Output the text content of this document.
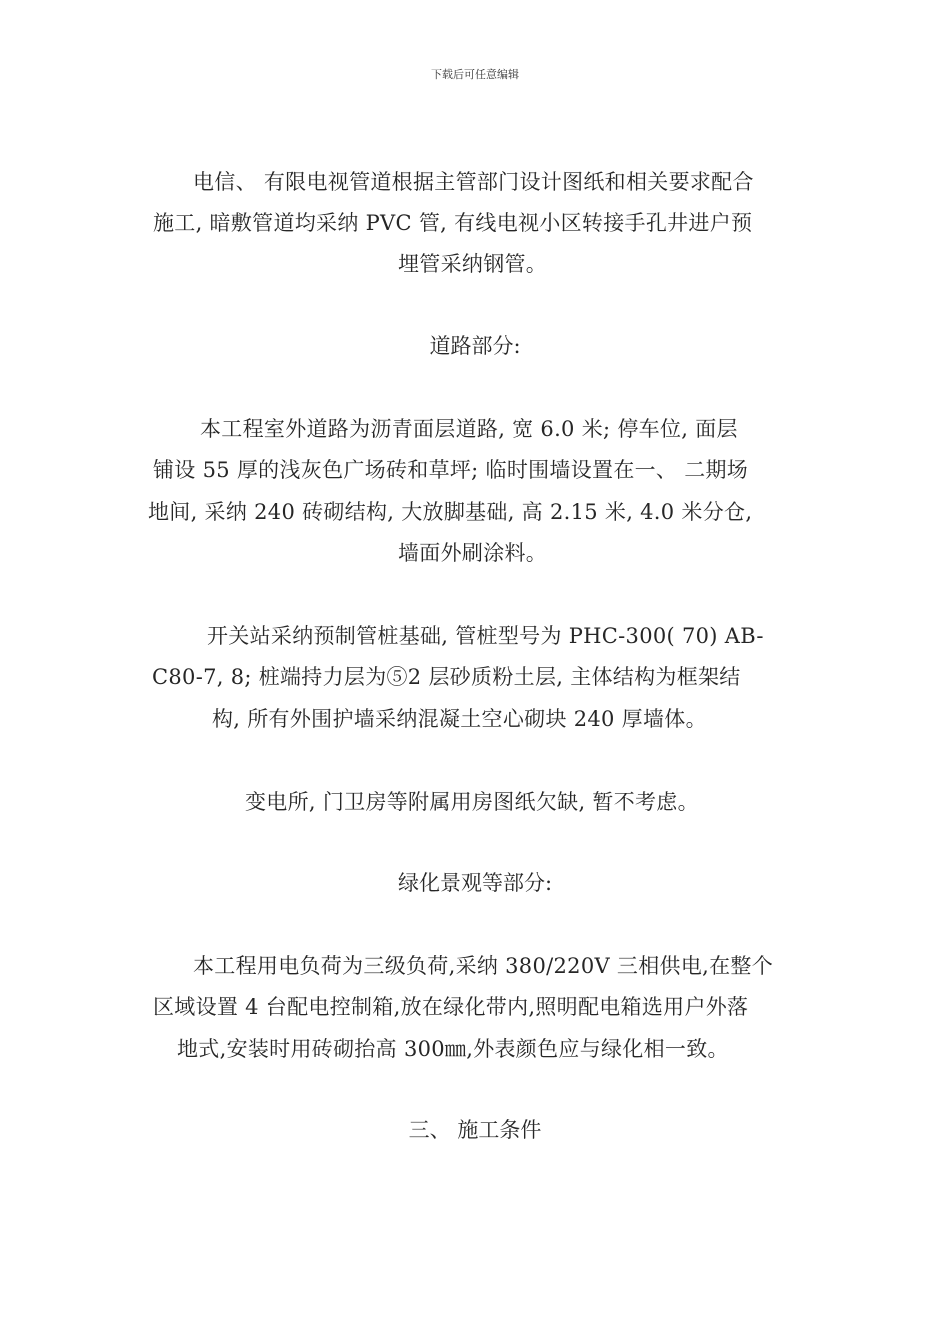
下载后可任意编辑
电信、 有限电视管道根据主管部门设计图纸和相关要求配合
施工, 暗敷管道均采纳 PVC 管, 有线电视小区转接手孔井进户预
埋管采纳钢管。
道路部分:
本工程室外道路为沥青面层道路, 宽 6.0 米; 停车位, 面层
铺设 55 厚的浅灰色广场砖和草坪; 临时围墙设置在一、 二期场
地间, 采纳 240 砖砌结构, 大放脚基础, 高 2.15 米, 4.0 米分仓,
墙面外刷涂料。
开关站采纳预制管桩基础, 管桩型号为 PHC-300( 70) AB-
C80-7, 8; 桩端持力层为⑤2 层砂质粉土层, 主体结构为框架结
构, 所有外围护墙采纳混凝土空心砌块 240 厚墙体。
变电所, 门卫房等附属用房图纸欠缺, 暂不考虑。
绿化景观等部分:
本工程用电负荷为三级负荷,采纳 380/220V 三相供电,在整个
区域设置 4 台配电控制箱,放在绿化带内,照明配电箱选用户外落
地式,安装时用砖砌抬高 300㎜,外表颜色应与绿化相一致。
三、 施工条件
